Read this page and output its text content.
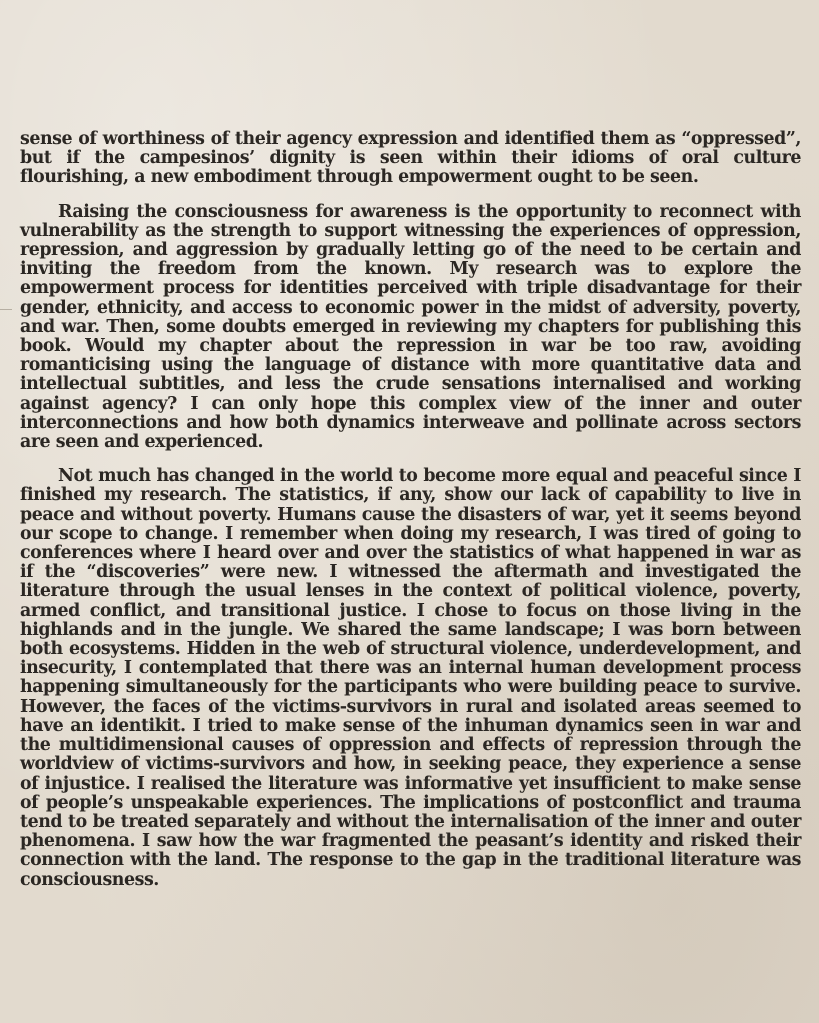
sense of worthiness of their agency expression and identified them as “oppressed”, but if the campesinos’ dignity is seen within their idioms of oral culture flourishing, a new embodiment through empowerment ought to be seen.

Raising the consciousness for awareness is the opportunity to reconnect with vulnerability as the strength to support witnessing the experiences of oppression, repression, and aggression by gradually letting go of the need to be certain and inviting the freedom from the known. My research was to explore the empowerment process for identities perceived with triple disadvantage for their gender, ethnicity, and access to economic power in the midst of adversity, poverty, and war. Then, some doubts emerged in reviewing my chapters for publishing this book. Would my chapter about the repression in war be too raw, avoiding romanticising using the language of distance with more quantitative data and intellectual subtitles, and less the crude sensations internalised and working against agency? I can only hope this complex view of the inner and outer interconnections and how both dynamics interweave and pollinate across sectors are seen and experienced.

Not much has changed in the world to become more equal and peaceful since I finished my research. The statistics, if any, show our lack of capability to live in peace and without poverty. Humans cause the disasters of war, yet it seems beyond our scope to change. I remember when doing my research, I was tired of going to conferences where I heard over and over the statistics of what happened in war as if the “discoveries” were new. I witnessed the aftermath and investigated the literature through the usual lenses in the context of political violence, poverty, armed conflict, and transitional justice. I chose to focus on those living in the highlands and in the jungle. We shared the same landscape; I was born between both ecosystems. Hidden in the web of structural violence, underdevelopment, and insecurity, I contemplated that there was an internal human development process happening simultaneously for the participants who were building peace to survive. However, the faces of the victims-survivors in rural and isolated areas seemed to have an identikit. I tried to make sense of the inhuman dynamics seen in war and the multidimensional causes of oppression and effects of repression through the worldview of victims-survivors and how, in seeking peace, they experience a sense of injustice. I realised the literature was informative yet insufficient to make sense of people’s unspeakable experiences. The implications of postconflict and trauma tend to be treated separately and without the internalisation of the inner and outer phenomena. I saw how the war fragmented the peasant’s identity and risked their connection with the land. The response to the gap in the traditional literature was consciousness.
